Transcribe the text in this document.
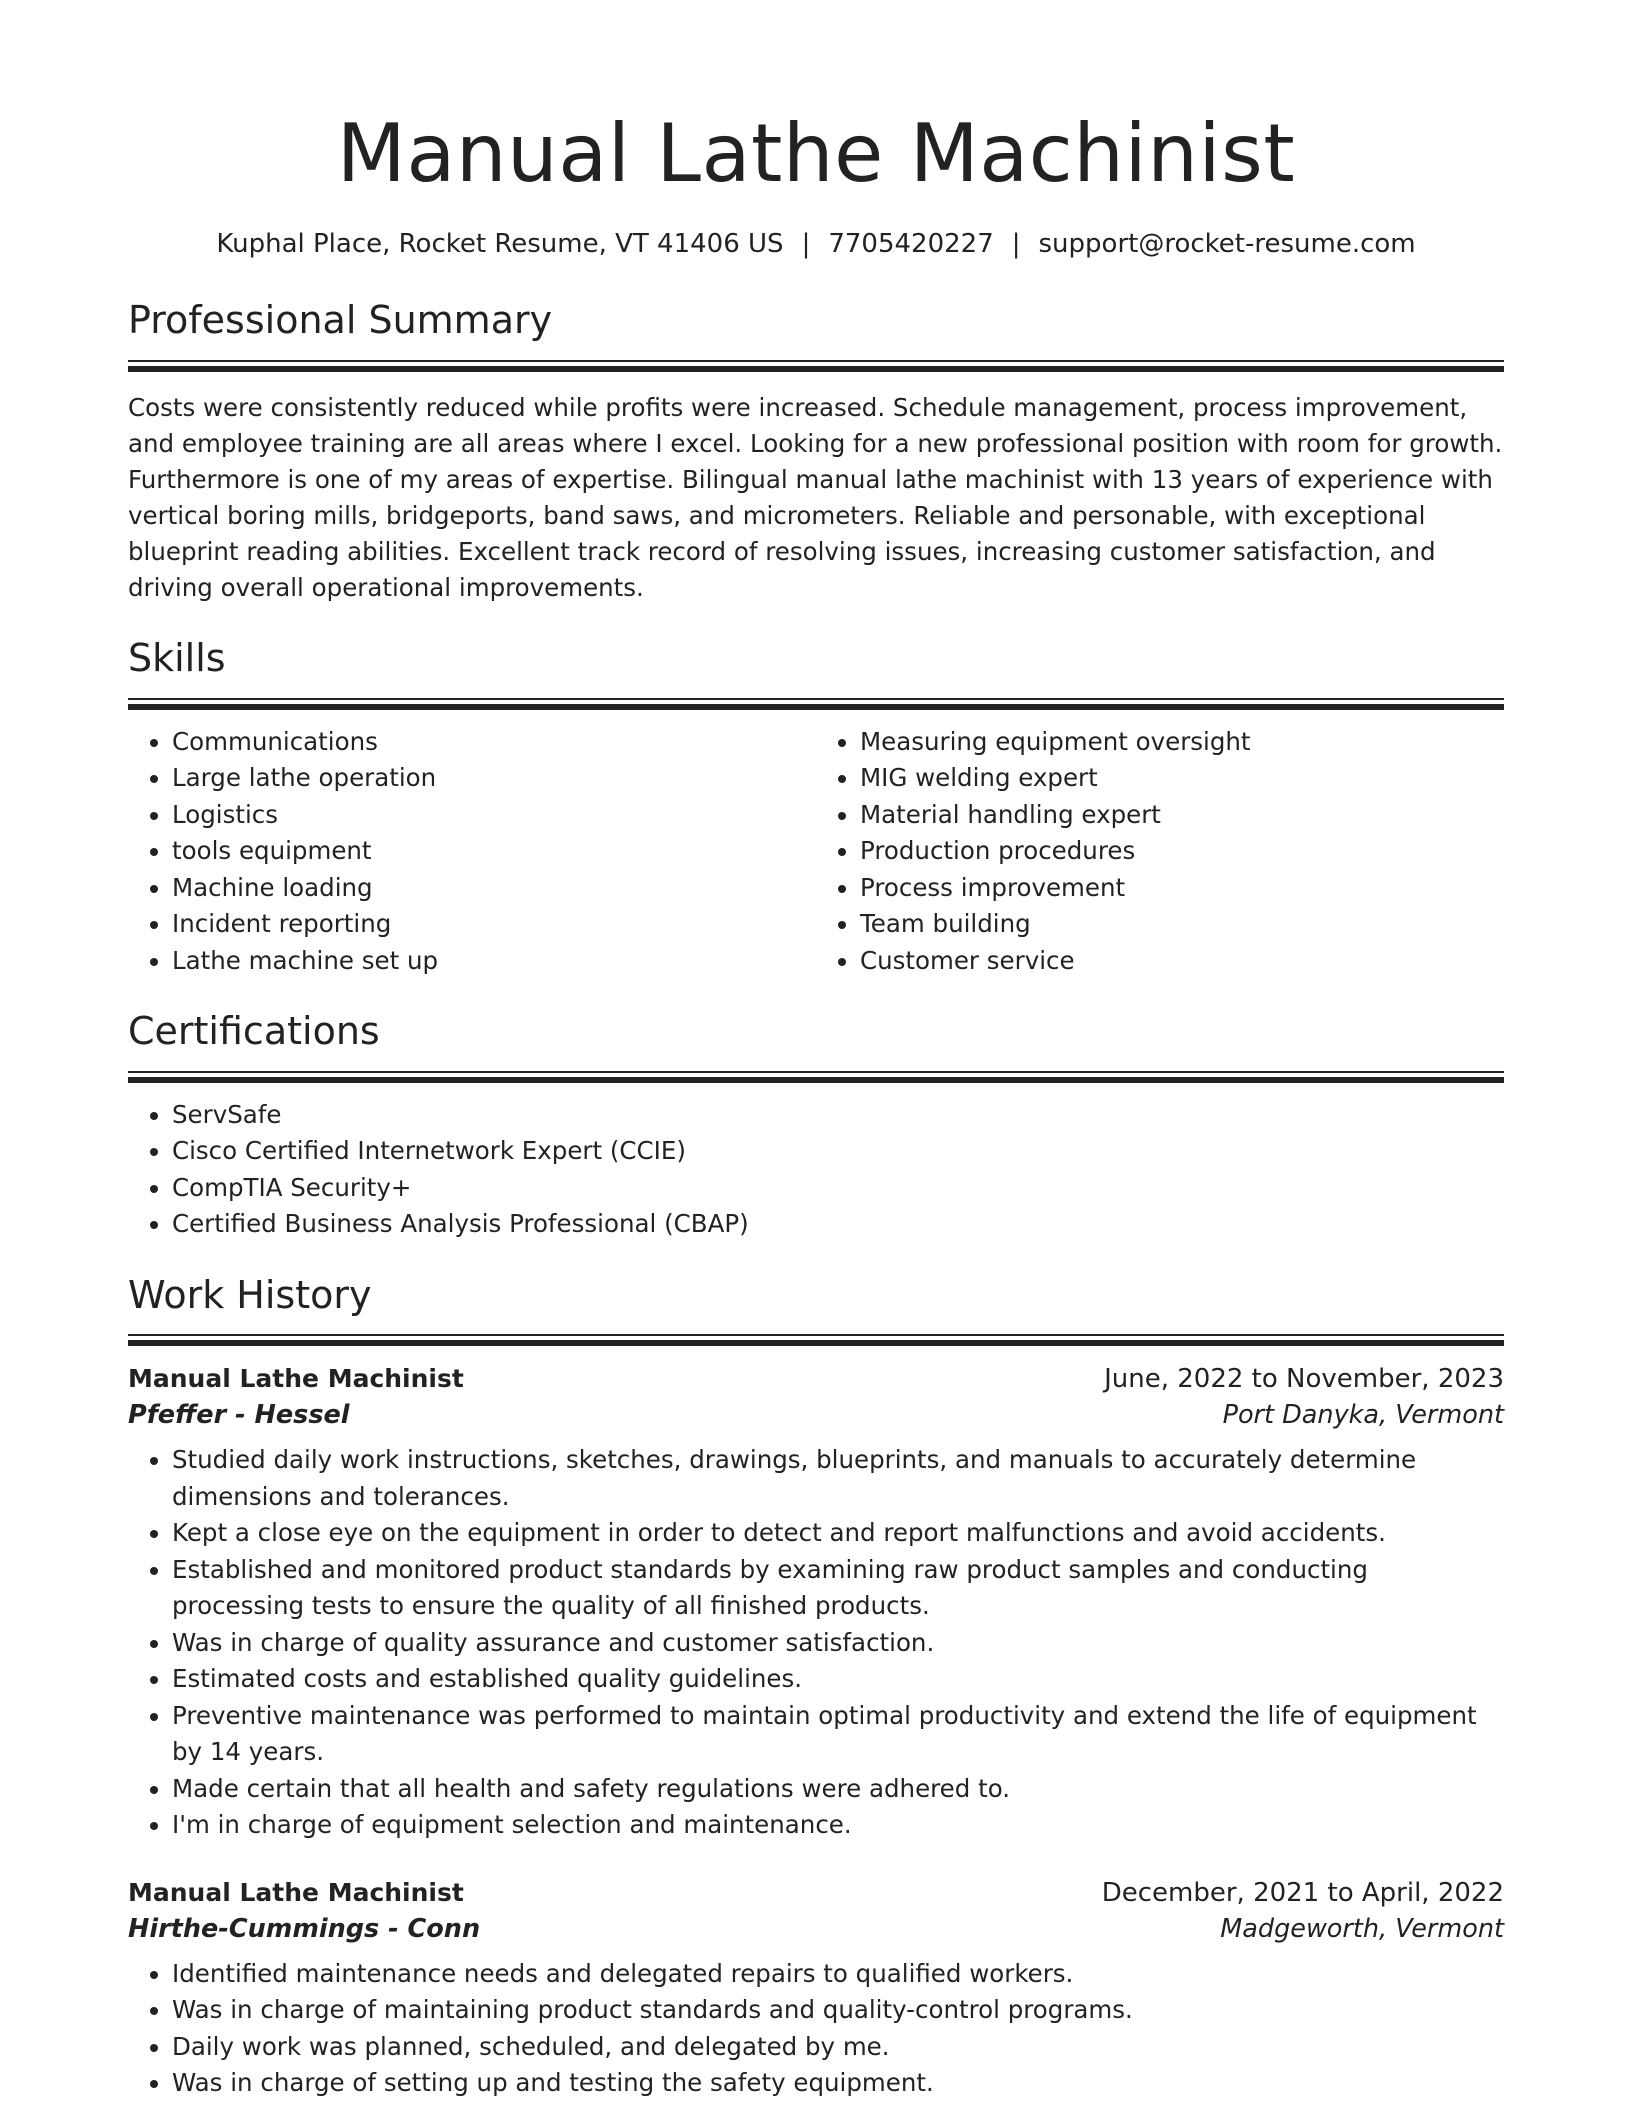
Manual Lathe Machinist
Kuphal Place, Rocket Resume, VT 41406 US | 7705420227 | support@rocket-resume.com
Professional Summary

Costs were consistently reduced while profits were increased. Schedule management, process improvement, and employee training are all areas where I excel. Looking for a new professional position with room for growth. Furthermore is one of my areas of expertise. Bilingual manual lathe machinist with 13 years of experience with vertical boring mills, bridgeports, band saws, and micrometers. Reliable and personable, with exceptional blueprint reading abilities. Excellent track record of resolving issues, increasing customer satisfaction, and driving overall operational improvements.

Skills
• Communications
• Large lathe operation
• Logistics
• tools equipment
• Machine loading
• Incident reporting
• Lathe machine set up
• Measuring equipment oversight
• MIG welding expert
• Material handling expert
• Production procedures
• Process improvement
• Team building
• Customer service
Certifications
• ServSafe
• Cisco Certified Internetwork Expert (CCIE)
• CompTIA Security+
• Certified Business Analysis Professional (CBAP)
Work History
Manual Lathe Machinist	June, 2022 to November, 2023
Pfeffer - Hessel	Port Danyka, Vermont
• Studied daily work instructions, sketches, drawings, blueprints, and manuals to accurately determine dimensions and tolerances.
• Kept a close eye on the equipment in order to detect and report malfunctions and avoid accidents.
• Established and monitored product standards by examining raw product samples and conducting processing tests to ensure the quality of all finished products.
• Was in charge of quality assurance and customer satisfaction.
• Estimated costs and established quality guidelines.
• Preventive maintenance was performed to maintain optimal productivity and extend the life of equipment by 14 years.
• Made certain that all health and safety regulations were adhered to.
• I'm in charge of equipment selection and maintenance.
Manual Lathe Machinist	December, 2021 to April, 2022
Hirthe-Cummings - Conn	Madgeworth, Vermont
• Identified maintenance needs and delegated repairs to qualified workers.
• Was in charge of maintaining product standards and quality-control programs.
• Daily work was planned, scheduled, and delegated by me.
• Was in charge of setting up and testing the safety equipment.
